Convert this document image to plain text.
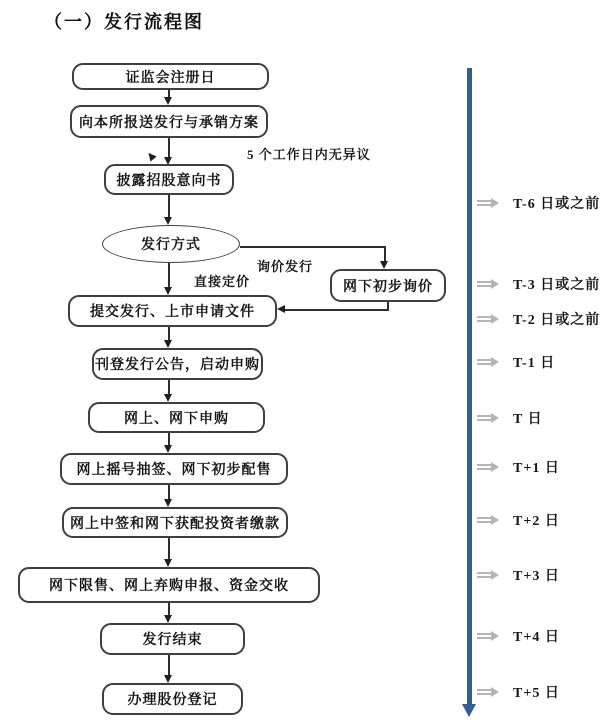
（一）发行流程图
证监会注册日
向本所报送发行与承销方案
披露招股意向书
发行方式
网下初步询价
提交发行、上市申请文件
刊登发行公告，启动申购
网上、网下申购
网上摇号抽签、网下初步配售
网上中签和网下获配投资者缴款
网下限售、网上弃购申报、资金交收
发行结束
办理股份登记
5 个工作日内无异议
询价发行
直接定价
T-6 日或之前
T-3 日或之前
T-2 日或之前
T-1 日
T 日
T+1 日
T+2 日
T+3 日
T+4 日
T+5 日
